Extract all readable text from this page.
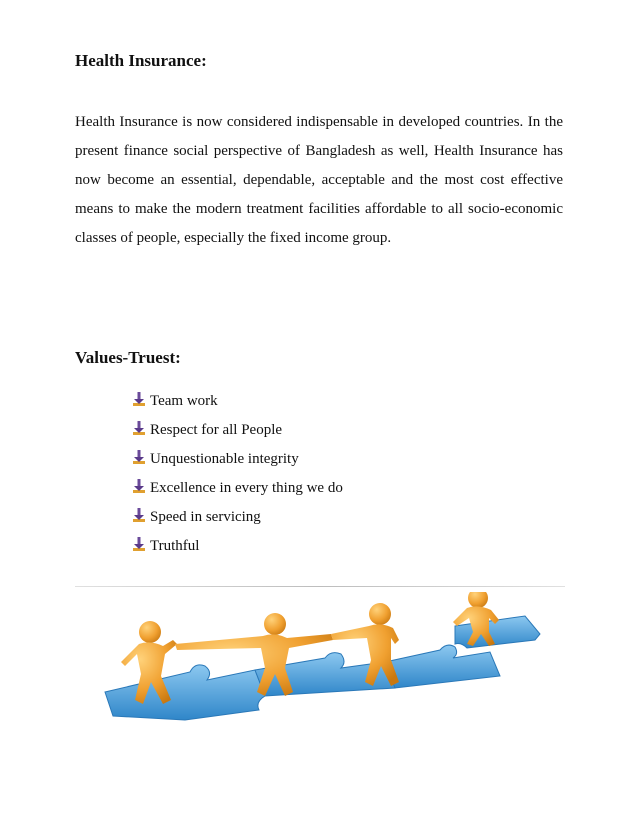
Health Insurance:
Health Insurance is now considered indispensable in developed countries. In the present finance social perspective of Bangladesh as well, Health Insurance has now become an essential, dependable, acceptable and the most cost effective means to make the modern treatment facilities affordable to all socio-economic classes of people, especially the fixed income group.
Values-Truest:
Team work
Respect for all People
Unquestionable integrity
Excellence in every thing we do
Speed in servicing
Truthful
